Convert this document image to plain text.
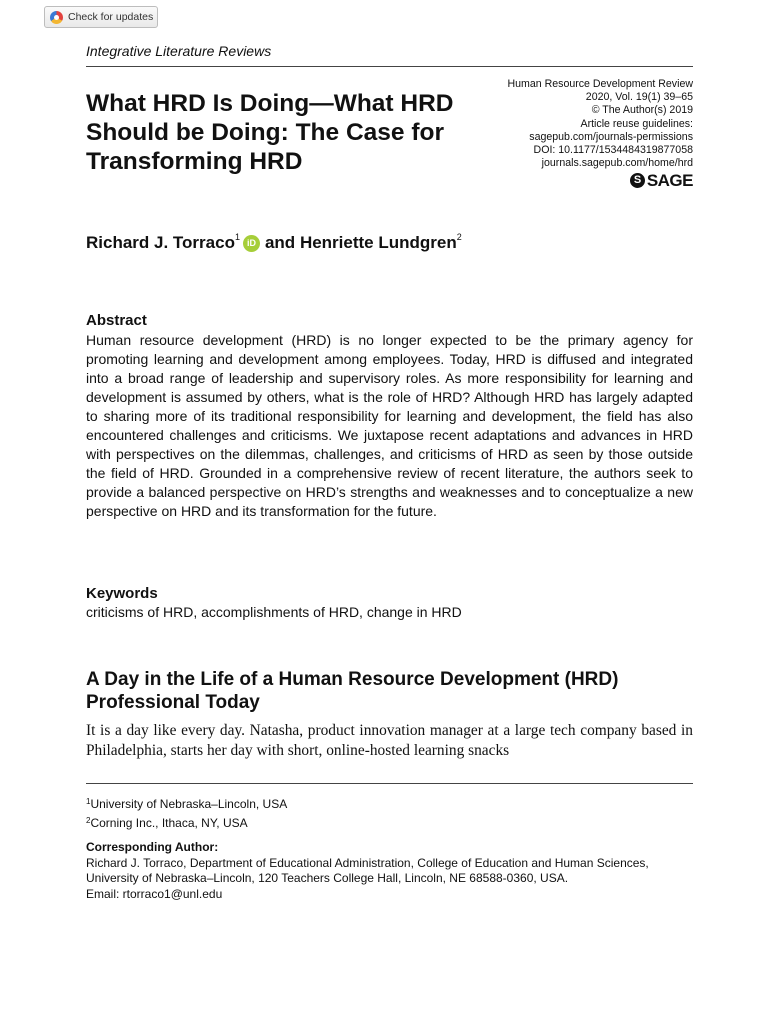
Check for updates
Integrative Literature Reviews
What HRD Is Doing—What HRD Should be Doing: The Case for Transforming HRD
Human Resource Development Review
2020, Vol. 19(1) 39–65
© The Author(s) 2019
Article reuse guidelines:
sagepub.com/journals-permissions
DOI: 10.1177/1534484319877058
journals.sagepub.com/home/hrd
S SAGE
Richard J. Torraco$^1$
iD and
Henriette Lundgren$^2$
Abstract

Human resource development (HRD) is no longer expected to be the primary agency for promoting learning and development among employees. Today, HRD is diffused and integrated into a broad range of leadership and supervisory roles. As more responsibility for learning and development is assumed by others, what is the role of HRD? Although HRD has largely adapted to sharing more of its traditional responsibility for learning and development, the field has also encountered challenges and criticisms. We juxtapose recent adaptations and advances in HRD with perspectives on the dilemmas, challenges, and criticisms of HRD as seen by those outside the field of HRD. Grounded in a comprehensive review of recent literature, the authors seek to provide a balanced perspective on HRD’s strengths and weaknesses and to conceptualize a new perspective on HRD and its transformation for the future.

Keywords

criticisms of HRD, accomplishments of HRD, change in HRD

A Day in the Life of a Human Resource Development (HRD) Professional Today

It is a day like every day. Natasha, product innovation manager at a large tech company based in Philadelphia, starts her day with short, online-hosted learning snacks

$^1$University of Nebraska–Lincoln, USA

$^2$Corning Inc., Ithaca, NY, USA

Corresponding Author:

Richard J. Torraco, Department of Educational Administration, College of Education and Human Sciences,

University of Nebraska–Lincoln, 120 Teachers College Hall, Lincoln, NE 68588-0360, USA.

Email: rtorraco1@unl.edu
